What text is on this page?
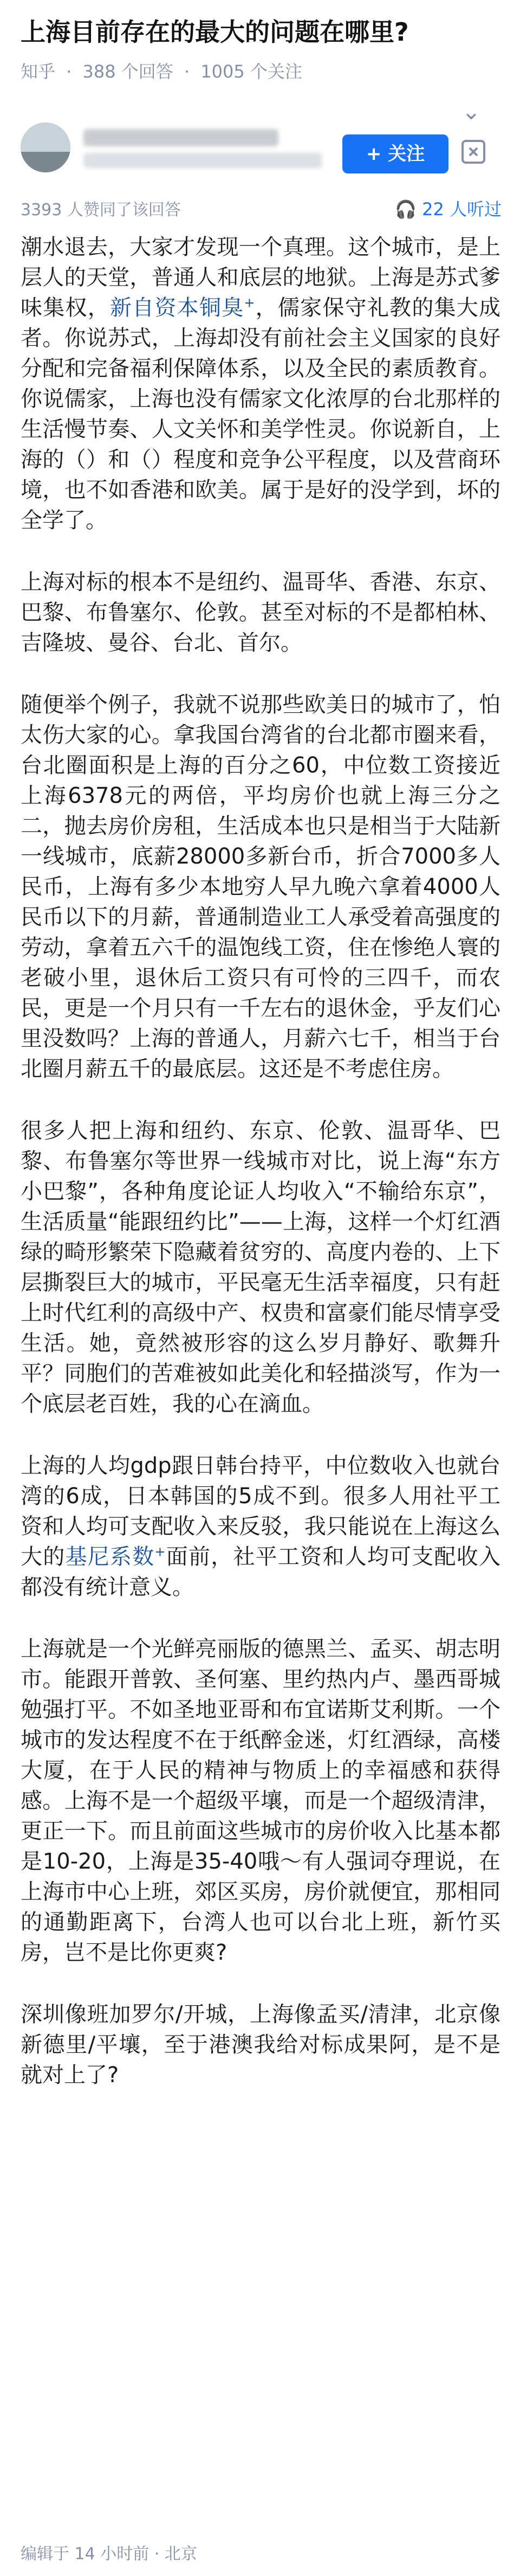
上海目前存在的最大的问题在哪里?
知乎 · 388 个回答 · 1005 个关注
⌄
+ 关注
3393 人赞同了该回答	🎧 22 人听过

潮水退去，大家才发现一个真理。这个城市，是上层人的天堂，普通人和底层的地狱。上海是苏式爹味集权，新自资本铜臭+，儒家保守礼教的集大成者。你说苏式，上海却没有前社会主义国家的良好分配和完备福利保障体系，以及全民的素质教育。你说儒家，上海也没有儒家文化浓厚的台北那样的生活慢节奏、人文关怀和美学性灵。你说新自，上海的（）和（）程度和竞争公平程度，以及营商环境，也不如香港和欧美。属于是好的没学到，坏的全学了。

上海对标的根本不是纽约、温哥华、香港、东京、巴黎、布鲁塞尔、伦敦。甚至对标的不是都柏林、吉隆坡、曼谷、台北、首尔。

随便举个例子，我就不说那些欧美日的城市了，怕太伤大家的心。拿我国台湾省的台北都市圈来看，台北圈面积是上海的百分之60，中位数工资接近上海6378元的两倍，平均房价也就上海三分之二，抛去房价房租，生活成本也只是相当于大陆新一线城市，底薪28000多新台币，折合7000多人民币，上海有多少本地穷人早九晚六拿着4000人民币以下的月薪，普通制造业工人承受着高强度的劳动，拿着五六千的温饱线工资，住在惨绝人寰的老破小里，退休后工资只有可怜的三四千，而农民，更是一个月只有一千左右的退休金，乎友们心里没数吗？上海的普通人，月薪六七千，相当于台北圈月薪五千的最底层。这还是不考虑住房。

很多人把上海和纽约、东京、伦敦、温哥华、巴黎、布鲁塞尔等世界一线城市对比，说上海“东方小巴黎”，各种角度论证人均收入“不输给东京”，生活质量“能跟纽约比”——上海，这样一个灯红酒绿的畸形繁荣下隐藏着贫穷的、高度内卷的、上下层撕裂巨大的城市，平民毫无生活幸福度，只有赶上时代红利的高级中产、权贵和富豪们能尽情享受生活。她，竟然被形容的这么岁月静好、歌舞升平？同胞们的苦难被如此美化和轻描淡写，作为一个底层老百姓，我的心在滴血。

上海的人均gdp跟日韩台持平，中位数收入也就台湾的6成，日本韩国的5成不到。很多人用社平工资和人均可支配收入来反驳，我只能说在上海这么大的基尼系数+面前，社平工资和人均可支配收入都没有统计意义。

上海就是一个光鲜亮丽版的德黑兰、孟买、胡志明市。能跟开普敦、圣何塞、里约热内卢、墨西哥城勉强打平。不如圣地亚哥和布宜诺斯艾利斯。一个城市的发达程度不在于纸醉金迷，灯红酒绿，高楼大厦，在于人民的精神与物质上的幸福感和获得感。上海不是一个超级平壤，而是一个超级清津，更正一下。而且前面这些城市的房价收入比基本都是10-20，上海是35-40哦～有人强词夺理说，在上海市中心上班，郊区买房，房价就便宜，那相同的通勤距离下，台湾人也可以台北上班，新竹买房，岂不是比你更爽?

深圳像班加罗尔/开城，上海像孟买/清津，北京像新德里/平壤，至于港澳我给对标成果阿，是不是就对上了?

编辑于 14 小时前 · 北京
